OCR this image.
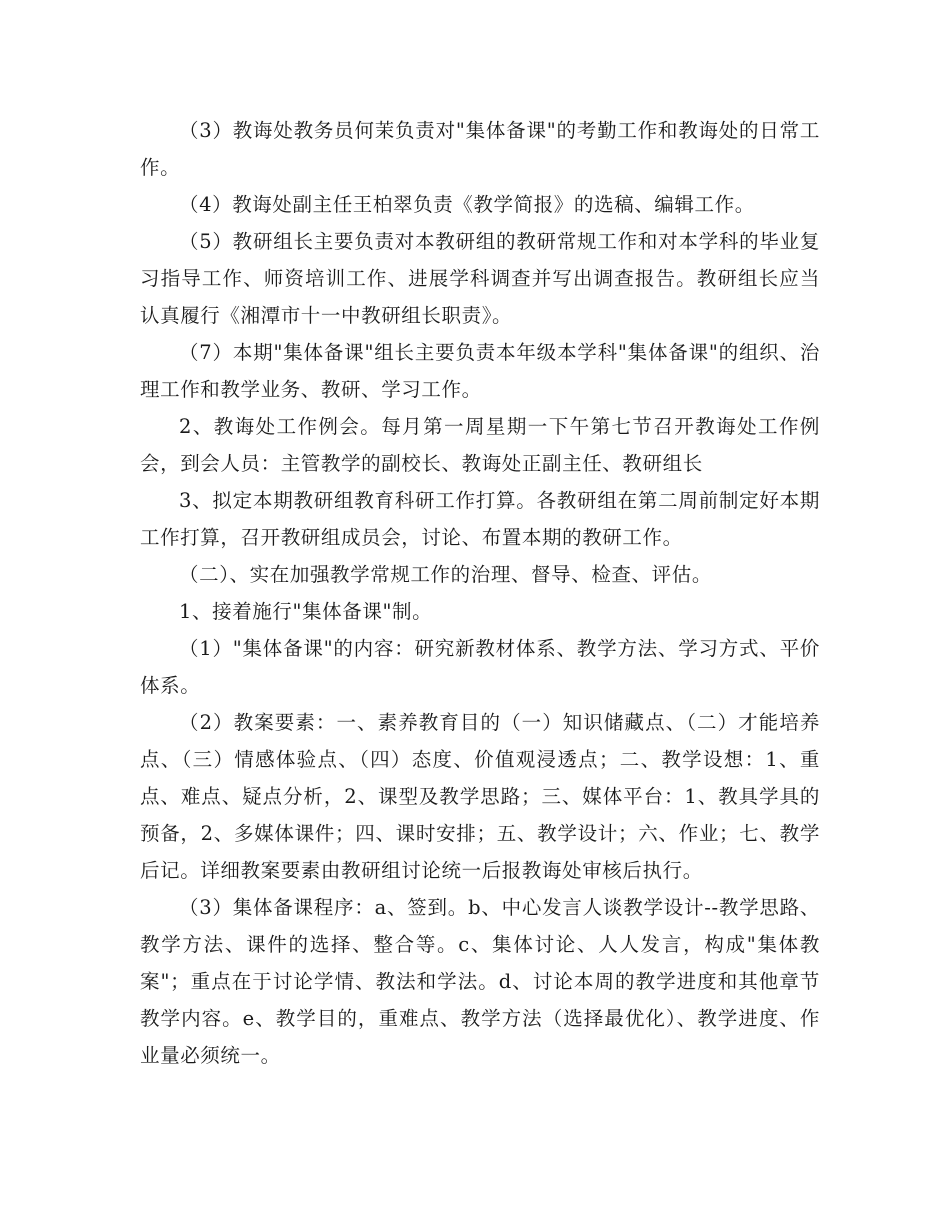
（3）教诲处教务员何茉负责对"集体备课"的考勤工作和教诲处的日常工作。

（4）教诲处副主任王柏翠负责《教学简报》的选稿、编辑工作。

（5）教研组长主要负责对本教研组的教研常规工作和对本学科的毕业复习指导工作、师资培训工作、进展学科调查并写出调查报告。教研组长应当认真履行《湘潭市十一中教研组长职责》。

（7）本期"集体备课"组长主要负责本年级本学科"集体备课"的组织、治理工作和教学业务、教研、学习工作。

2、教诲处工作例会。每月第一周星期一下午第七节召开教诲处工作例会，到会人员：主管教学的副校长、教诲处正副主任、教研组长

3、拟定本期教研组教育科研工作打算。各教研组在第二周前制定好本期工作打算，召开教研组成员会，讨论、布置本期的教研工作。

（二）、实在加强教学常规工作的治理、督导、检查、评估。

1、接着施行"集体备课"制。

（1）"集体备课"的内容：研究新教材体系、教学方法、学习方式、平价体系。

（2）教案要素：一、素养教育目的（一）知识储藏点、（二）才能培养点、（三）情感体验点、（四）态度、价值观浸透点；二、教学设想：1、重点、难点、疑点分析，2、课型及教学思路；三、媒体平台：1、教具学具的预备，2、多媒体课件；四、课时安排；五、教学设计；六、作业；七、教学后记。详细教案要素由教研组讨论统一后报教诲处审核后执行。

（3）集体备课程序：a、签到。b、中心发言人谈教学设计--教学思路、教学方法、课件的选择、整合等。c、集体讨论、人人发言，构成"集体教案"；重点在于讨论学情、教法和学法。d、讨论本周的教学进度和其他章节教学内容。e、教学目的，重难点、教学方法（选择最优化）、教学进度、作业量必须统一。
